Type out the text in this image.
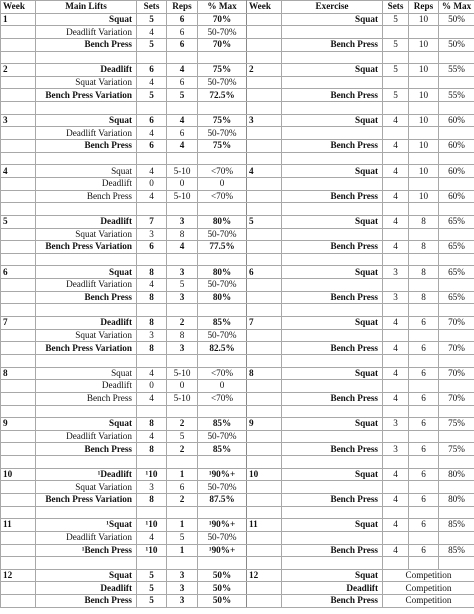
Week	Main Lifts	Sets	Reps	% Max	Week	Exercise	Sets	Reps	% Max
1	Squat	5	6	70%		Squat	5	10	50%
	Deadlift Variation	4	6	50-70%					
	Bench Press	5	6	70%		Bench Press	5	10	50%

2	Deadlift	6	4	75%	2	Squat	5	10	55%
	Squat Variation	4	6	50-70%					
	Bench Press Variation	5	5	72.5%		Bench Press	5	10	55%

3	Squat	6	4	75%	3	Squat	4	10	60%
	Deadlift Variation	4	6	50-70%					
	Bench Press	6	4	75%		Bench Press	4	10	60%

4	Squat	4	5-10	<70%	4	Squat	4	10	60%
	Deadlift	0	0	0					
	Bench Press	4	5-10	<70%		Bench Press	4	10	60%

5	Deadlift	7	3	80%	5	Squat	4	8	65%
	Squat Variation	3	8	50-70%					
	Bench Press Variation	6	4	77.5%		Bench Press	4	8	65%

6	Squat	8	3	80%	6	Squat	3	8	65%
	Deadlift Variation	4	5	50-70%					
	Bench Press	8	3	80%		Bench Press	3	8	65%

7	Deadlift	8	2	85%	7	Squat	4	6	70%
	Squat Variation	3	8	50-70%					
	Bench Press Variation	8	3	82.5%		Bench Press	4	6	70%

8	Squat	4	5-10	<70%	8	Squat	4	6	70%
	Deadlift	0	0	0					
	Bench Press	4	5-10	<70%		Bench Press	4	6	70%

9	Squat	8	2	85%	9	Squat	3	6	75%
	Deadlift Variation	4	5	50-70%					
	Bench Press	8	2	85%		Bench Press	3	6	75%

10	¹Deadlift	¹10	1	¹90%+	10	Squat	4	6	80%
	Squat Variation	3	6	50-70%					
	Bench Press Variation	8	2	87.5%		Bench Press	4	6	80%

11	¹Squat	¹10	1	¹90%+	11	Squat	4	6	85%
	Deadlift Variation	4	5	50-70%					
	¹Bench Press	¹10	1	¹90%+		Bench Press	4	6	85%

12	Squat	5	3	50%	12	Squat	Competition		
	Deadlift	5	3	50%		Deadlift	Competition		
	Bench Press	5	3	50%		Bench Press	Competition		
